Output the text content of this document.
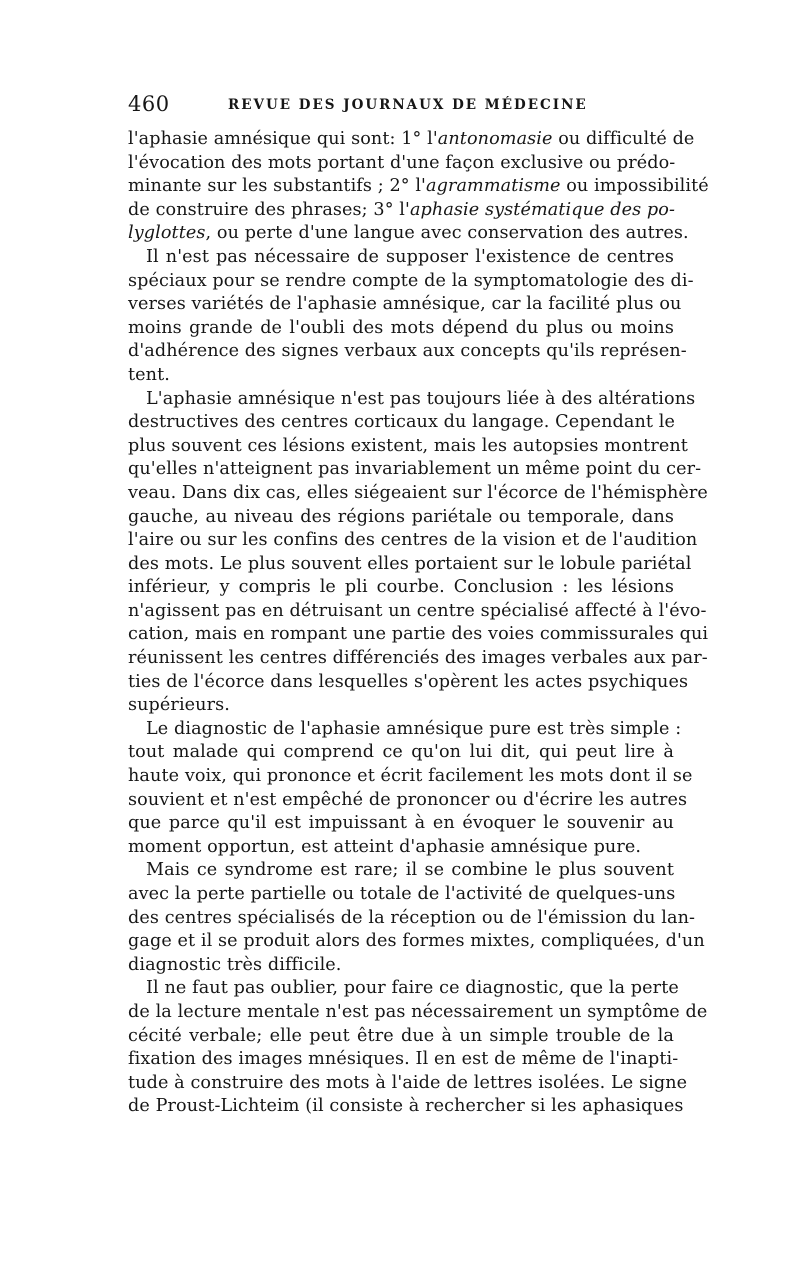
460	REVUE DES JOURNAUX DE MÉDECINE
l'aphasie amnésique qui sont: 1° l'antonomasie ou difficulté de
l'évocation des mots portant d'une façon exclusive ou prédo-
minante sur les substantifs ; 2° l'agrammatisme ou impossibilité
de construire des phrases; 3° l'aphasie systématique des po-
lyglottes, ou perte d'une langue avec conservation des autres.
Il n'est pas nécessaire de supposer l'existence de centres
spéciaux pour se rendre compte de la symptomatologie des di-
verses variétés de l'aphasie amnésique, car la facilité plus ou
moins grande de l'oubli des mots dépend du plus ou moins
d'adhérence des signes verbaux aux concepts qu'ils représen-
tent.
L'aphasie amnésique n'est pas toujours liée à des altérations
destructives des centres corticaux du langage. Cependant le
plus souvent ces lésions existent, mais les autopsies montrent
qu'elles n'atteignent pas invariablement un même point du cer-
veau. Dans dix cas, elles siégeaient sur l'écorce de l'hémisphère
gauche, au niveau des régions pariétale ou temporale, dans
l'aire ou sur les confins des centres de la vision et de l'audition
des mots. Le plus souvent elles portaient sur le lobule pariétal
inférieur, y compris le pli courbe. Conclusion : les lésions
n'agissent pas en détruisant un centre spécialisé affecté à l'évo-
cation, mais en rompant une partie des voies commissurales qui
réunissent les centres différenciés des images verbales aux par-
ties de l'écorce dans lesquelles s'opèrent les actes psychiques
supérieurs.
Le diagnostic de l'aphasie amnésique pure est très simple :
tout malade qui comprend ce qu'on lui dit, qui peut lire à
haute voix, qui prononce et écrit facilement les mots dont il se
souvient et n'est empêché de prononcer ou d'écrire les autres
que parce qu'il est impuissant à en évoquer le souvenir au
moment opportun, est atteint d'aphasie amnésique pure.
Mais ce syndrome est rare; il se combine le plus souvent
avec la perte partielle ou totale de l'activité de quelques-uns
des centres spécialisés de la réception ou de l'émission du lan-
gage et il se produit alors des formes mixtes, compliquées, d'un
diagnostic très difficile.
Il ne faut pas oublier, pour faire ce diagnostic, que la perte
de la lecture mentale n'est pas nécessairement un symptôme de
cécité verbale; elle peut être due à un simple trouble de la
fixation des images mnésiques. Il en est de même de l'inapti-
tude à construire des mots à l'aide de lettres isolées. Le signe
de Proust-Lichteim (il consiste à rechercher si les aphasiques
